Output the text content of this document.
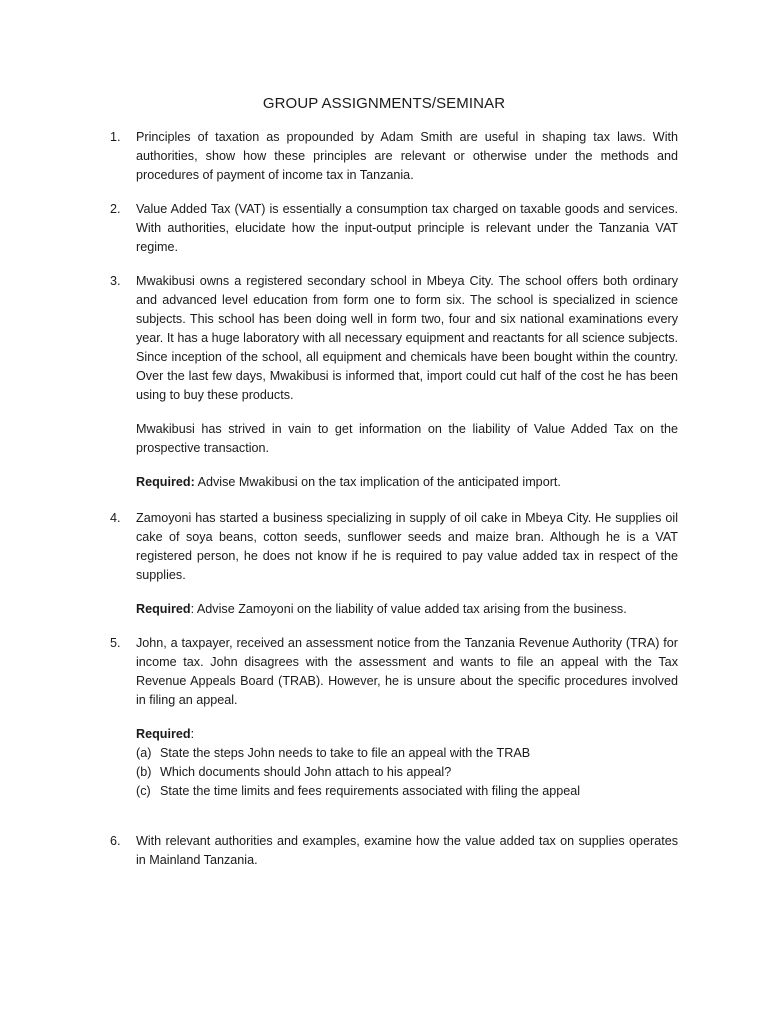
GROUP ASSIGNMENTS/SEMINAR
1.	Principles of taxation as propounded by Adam Smith are useful in shaping tax laws. With authorities, show how these principles are relevant or otherwise under the methods and procedures of payment of income tax in Tanzania.

2.	Value Added Tax (VAT) is essentially a consumption tax charged on taxable goods and services. With authorities, elucidate how the input-output principle is relevant under the Tanzania VAT regime.

3.	Mwakibusi owns a registered secondary school in Mbeya City. The school offers both ordinary and advanced level education from form one to form six. The school is specialized in science subjects. This school has been doing well in form two, four and six national examinations every year. It has a huge laboratory with all necessary equipment and reactants for all science subjects. Since inception of the school, all equipment and chemicals have been bought within the country. Over the last few days, Mwakibusi is informed that, import could cut half of the cost he has been using to buy these products.

Mwakibusi has strived in vain to get information on the liability of Value Added Tax on the prospective transaction.

Required: Advise Mwakibusi on the tax implication of the anticipated import.

4.	Zamoyoni has started a business specializing in supply of oil cake in Mbeya City. He supplies oil cake of soya beans, cotton seeds, sunflower seeds and maize bran. Although he is a VAT registered person, he does not know if he is required to pay value added tax in respect of the supplies.

Required: Advise Zamoyoni on the liability of value added tax arising from the business.

5.	John, a taxpayer, received an assessment notice from the Tanzania Revenue Authority (TRA) for income tax. John disagrees with the assessment and wants to file an appeal with the Tax Revenue Appeals Board (TRAB). However, he is unsure about the specific procedures involved in filing an appeal.

Required:

(a) State the steps John needs to take to file an appeal with the TRAB
(b) Which documents should John attach to his appeal?
(c) State the time limits and fees requirements associated with filing the appeal
6.	With relevant authorities and examples, examine how the value added tax on supplies operates in Mainland Tanzania.
